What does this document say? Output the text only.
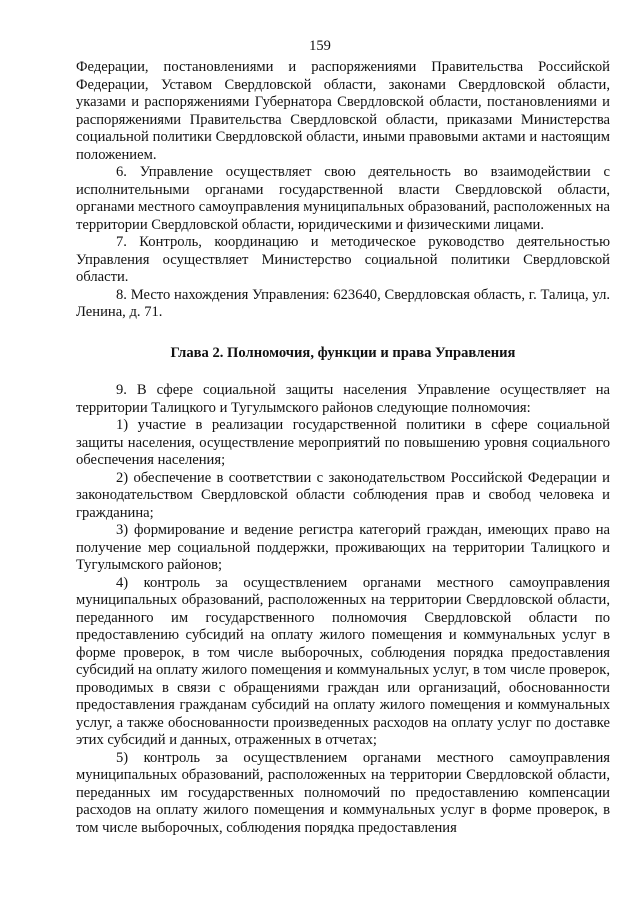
159

Федерации, постановлениями и распоряжениями Правительства Российской Федерации, Уставом Свердловской области, законами Свердловской области, указами и распоряжениями Губернатора Свердловской области, постановлениями и распоряжениями Правительства Свердловской области, приказами Министерства социальной политики Свердловской области, иными правовыми актами и настоящим положением.

6. Управление осуществляет свою деятельность во взаимодействии с исполнительными органами государственной власти Свердловской области, органами местного самоуправления муниципальных образований, расположенных на территории Свердловской области, юридическими и физическими лицами.

7. Контроль, координацию и методическое руководство деятельностью Управления осуществляет Министерство социальной политики Свердловской области.

8. Место нахождения Управления: 623640, Свердловская область, г. Талица, ул. Ленина, д. 71.

Глава 2. Полномочия, функции и права Управления

9. В сфере социальной защиты населения Управление осуществляет на территории Талицкого и Тугулымского районов следующие полномочия:

1) участие в реализации государственной политики в сфере социальной защиты населения, осуществление мероприятий по повышению уровня социального обеспечения населения;

2) обеспечение в соответствии с законодательством Российской Федерации и законодательством Свердловской области соблюдения прав и свобод человека и гражданина;

3) формирование и ведение регистра категорий граждан, имеющих право на получение мер социальной поддержки, проживающих на территории Талицкого и Тугулымского районов;

4) контроль за осуществлением органами местного самоуправления муниципальных образований, расположенных на территории Свердловской области, переданного им государственного полномочия Свердловской области по предоставлению субсидий на оплату жилого помещения и коммунальных услуг в форме проверок, в том числе выборочных, соблюдения порядка предоставления субсидий на оплату жилого помещения и коммунальных услуг, в том числе проверок, проводимых в связи с обращениями граждан или организаций, обоснованности предоставления гражданам субсидий на оплату жилого помещения и коммунальных услуг, а также обоснованности произведенных расходов на оплату услуг по доставке этих субсидий и данных, отраженных в отчетах;

5) контроль за осуществлением органами местного самоуправления муниципальных образований, расположенных на территории Свердловской области, переданных им государственных полномочий по предоставлению компенсации расходов на оплату жилого помещения и коммунальных услуг в форме проверок, в том числе выборочных, соблюдения порядка предоставления
